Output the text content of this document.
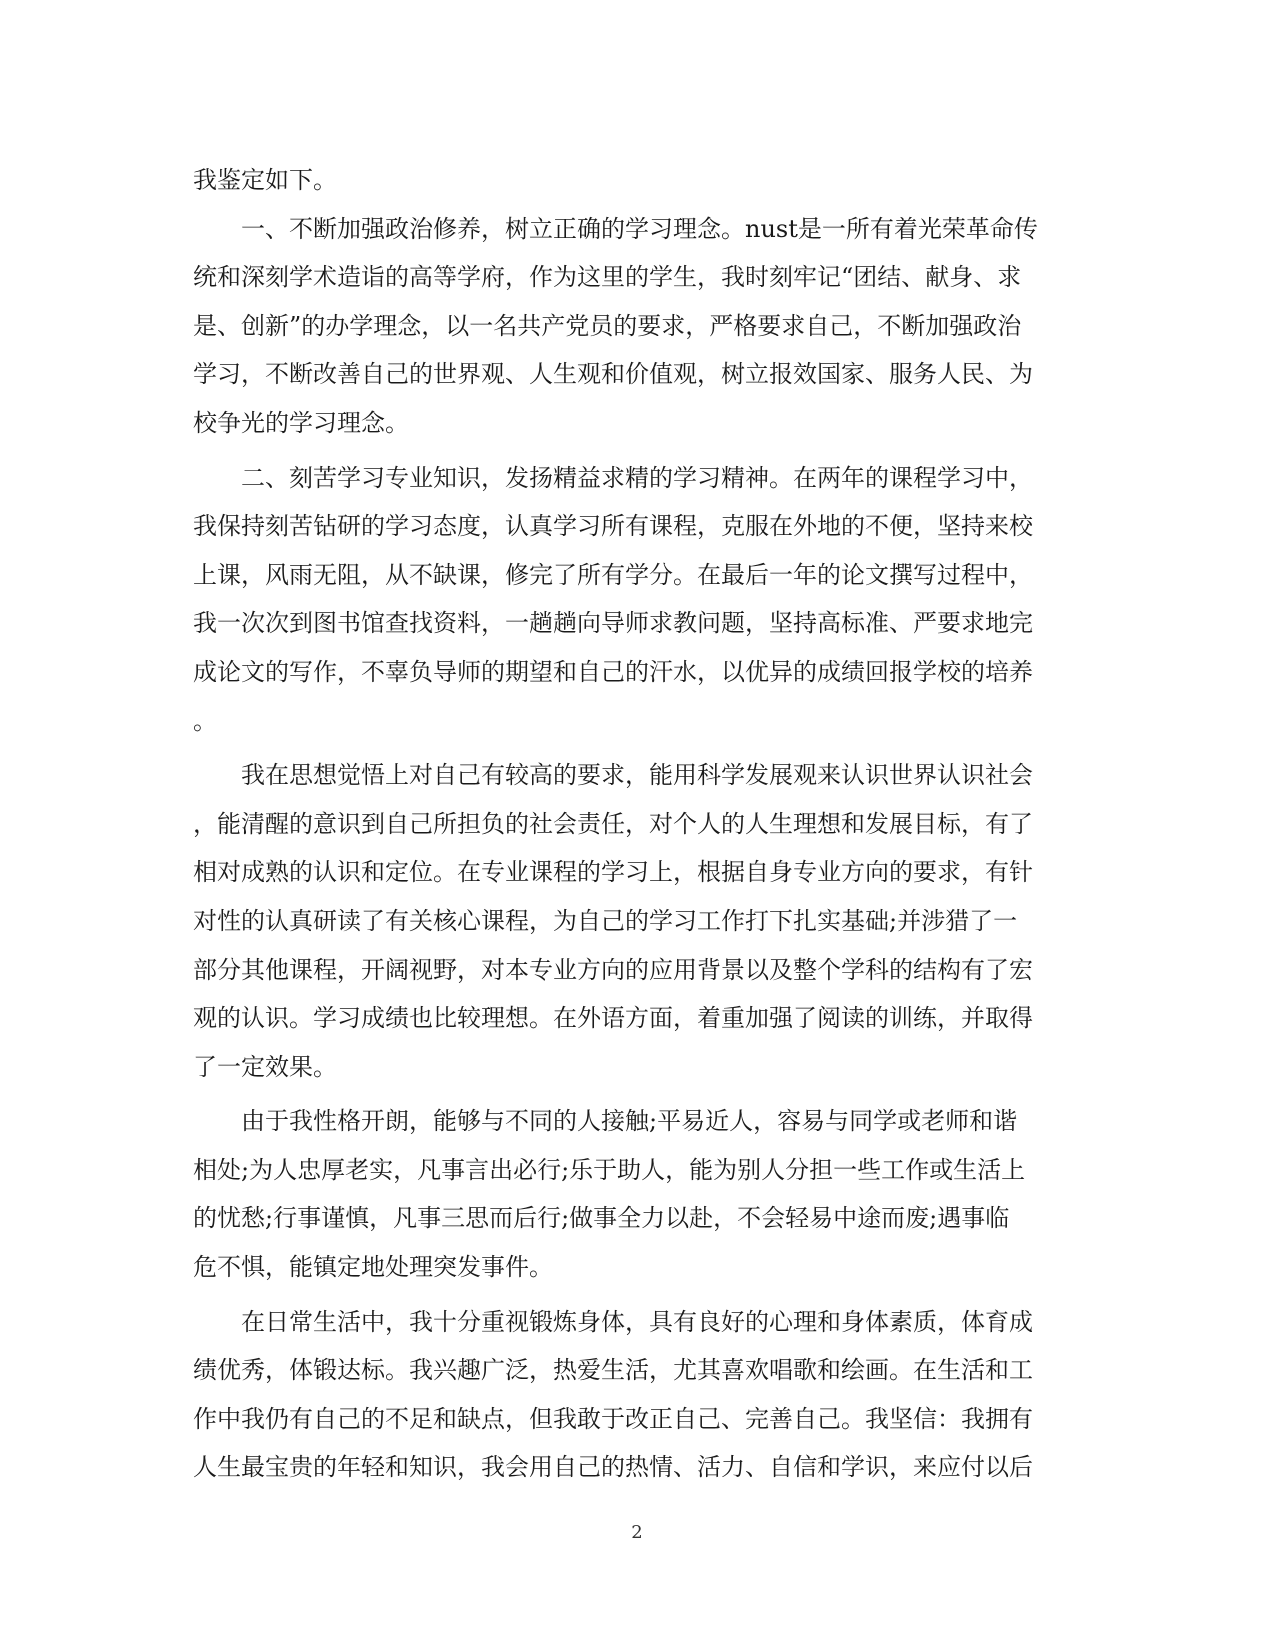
我鉴定如下。
　　一、不断加强政治修养，树立正确的学习理念。nust是一所有着光荣革命传
统和深刻学术造诣的高等学府，作为这里的学生，我时刻牢记“团结、献身、求
是、创新”的办学理念，以一名共产党员的要求，严格要求自己，不断加强政治
学习，不断改善自己的世界观、人生观和价值观，树立报效国家、服务人民、为
校争光的学习理念。
　　二、刻苦学习专业知识，发扬精益求精的学习精神。在两年的课程学习中，
我保持刻苦钻研的学习态度，认真学习所有课程，克服在外地的不便，坚持来校
上课，风雨无阻，从不缺课，修完了所有学分。在最后一年的论文撰写过程中，
我一次次到图书馆查找资料，一趟趟向导师求教问题，坚持高标准、严要求地完
成论文的写作，不辜负导师的期望和自己的汗水，以优异的成绩回报学校的培养
。
　　我在思想觉悟上对自己有较高的要求，能用科学发展观来认识世界认识社会
，能清醒的意识到自己所担负的社会责任，对个人的人生理想和发展目标，有了
相对成熟的认识和定位。在专业课程的学习上，根据自身专业方向的要求，有针
对性的认真研读了有关核心课程，为自己的学习工作打下扎实基础;并涉猎了一
部分其他课程，开阔视野，对本专业方向的应用背景以及整个学科的结构有了宏
观的认识。学习成绩也比较理想。在外语方面，着重加强了阅读的训练，并取得
了一定效果。
　　由于我性格开朗，能够与不同的人接触;平易近人，容易与同学或老师和谐
相处;为人忠厚老实，凡事言出必行;乐于助人，能为别人分担一些工作或生活上
的忧愁;行事谨慎，凡事三思而后行;做事全力以赴，不会轻易中途而废;遇事临
危不惧，能镇定地处理突发事件。
　　在日常生活中，我十分重视锻炼身体，具有良好的心理和身体素质，体育成
绩优秀，体锻达标。我兴趣广泛，热爱生活，尤其喜欢唱歌和绘画。在生活和工
作中我仍有自己的不足和缺点，但我敢于改正自己、完善自己。我坚信：我拥有
人生最宝贵的年轻和知识，我会用自己的热情、活力、自信和学识，来应付以后
2
